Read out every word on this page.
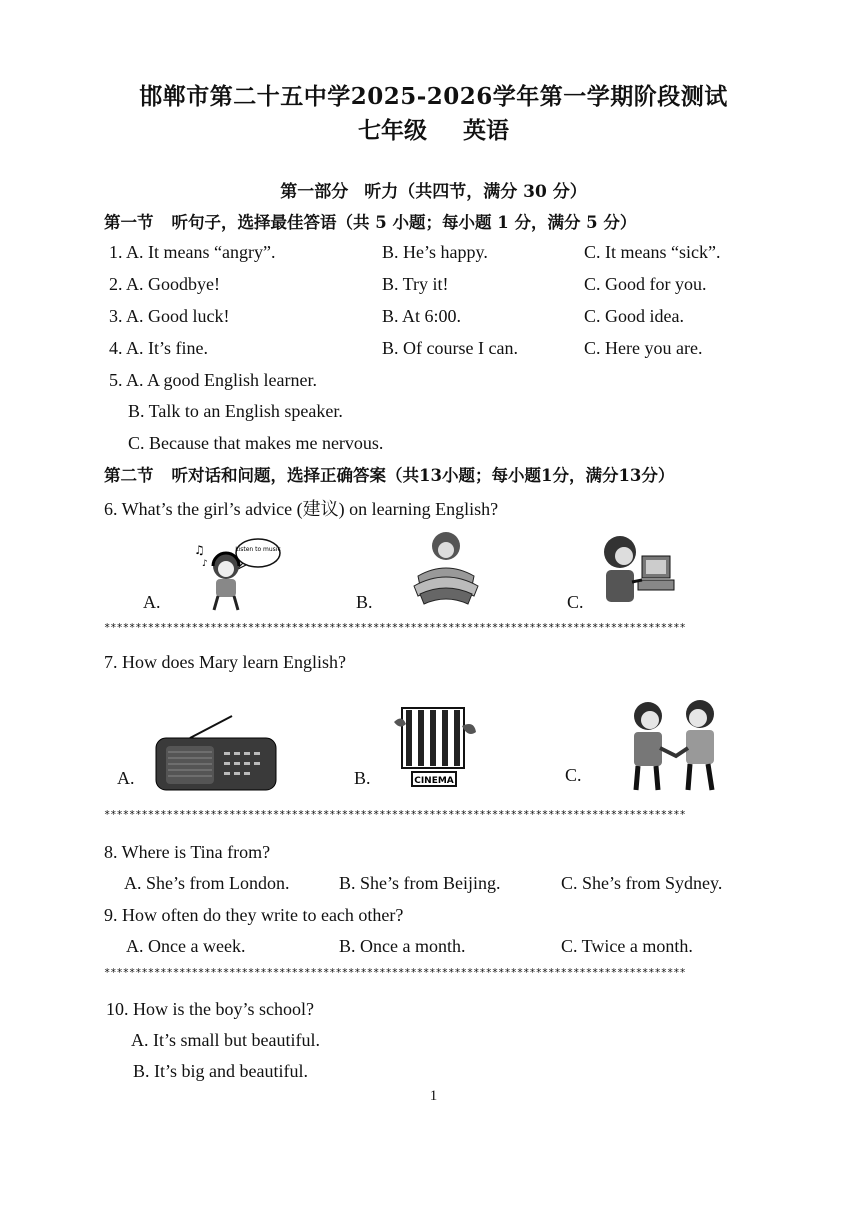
邯郸市第二十五中学2025-2026学年第一学期阶段测试
七年级 英语
第一部分 听力（共四节，满分 30 分）
第一节 听句子，选择最佳答语（共 5 小题；每小题 1 分，满分 5 分）
1. A. It means “angry”.	B. He’s happy.	C. It means “sick”.
2. A. Goodbye!	B. Try it!	C. Good for you.
3. A. Good luck!	B. At 6:00.	C. Good idea.
4. A. It’s fine.	B. Of course I can.	C. Here you are.
5. A. A good English learner.
B. Talk to an English speaker.
C. Because that makes me nervous.
第二节 听对话和问题，选择正确答案（共13小题；每小题1分，满分13分）
6. What’s the girl’s advice (建议) on learning English?
Listen to music
♫
♪
A.	B.	C.
*********************************************************************************************
7. How does Mary learn English?
A.	CINEMA
B.	C.
*********************************************************************************************
8. Where is Tina from?
A. She’s from London.	B. She’s from Beijing.	C. She’s from Sydney.
9. How often do they write to each other?
A. Once a week.	B. Once a month.	C. Twice a month.
*********************************************************************************************
10. How is the boy’s school?
A. It’s small but beautiful.
B. It’s big and beautiful.
1
